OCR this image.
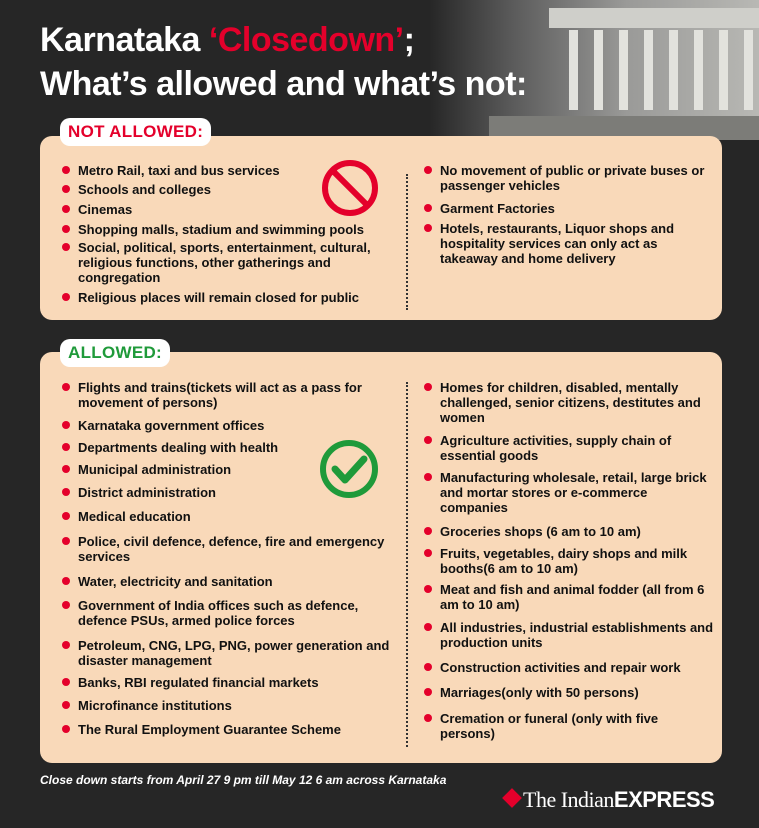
Karnataka ‘Closedown’;
What’s allowed and what’s not:
Metro Rail, taxi and bus services
Schools and colleges
Cinemas
Shopping malls, stadium and swimming pools
Social, political, sports, entertainment, cultural, religious functions, other gatherings and congregation
Religious places will remain closed for public
No movement of public or private buses or passenger vehicles
Garment Factories
Hotels, restaurants, Liquor shops and hospitality services can only act as takeaway and home delivery
NOT ALLOWED:
Flights and trains(tickets will act as a pass for movement of persons)
Karnataka government offices
Departments dealing with health
Municipal administration
District administration
Medical education
Police, civil defence, defence, fire and emergency services
Water, electricity and sanitation
Government of India offices such as defence, defence PSUs, armed police forces
Petroleum, CNG, LPG, PNG, power generation and disaster management
Banks, RBI regulated financial markets
Microfinance institutions
The Rural Employment Guarantee Scheme
Homes for children, disabled, mentally challenged, senior citizens, destitutes and women
Agriculture activities, supply chain of essential goods
Manufacturing wholesale, retail, large brick and mortar stores or e-commerce companies
Groceries shops (6 am to 10 am)
Fruits, vegetables, dairy shops and milk booths(6 am to 10 am)
Meat and fish and animal fodder (all from 6 am to 10 am)
All industries, industrial establishments and production units
Construction activities and repair work
Marriages(only with 50 persons)
Cremation or funeral (only with five persons)
ALLOWED:

Close down starts from April 27 9 pm till May 12 6 am across Karnataka

The IndianEXPRESS
